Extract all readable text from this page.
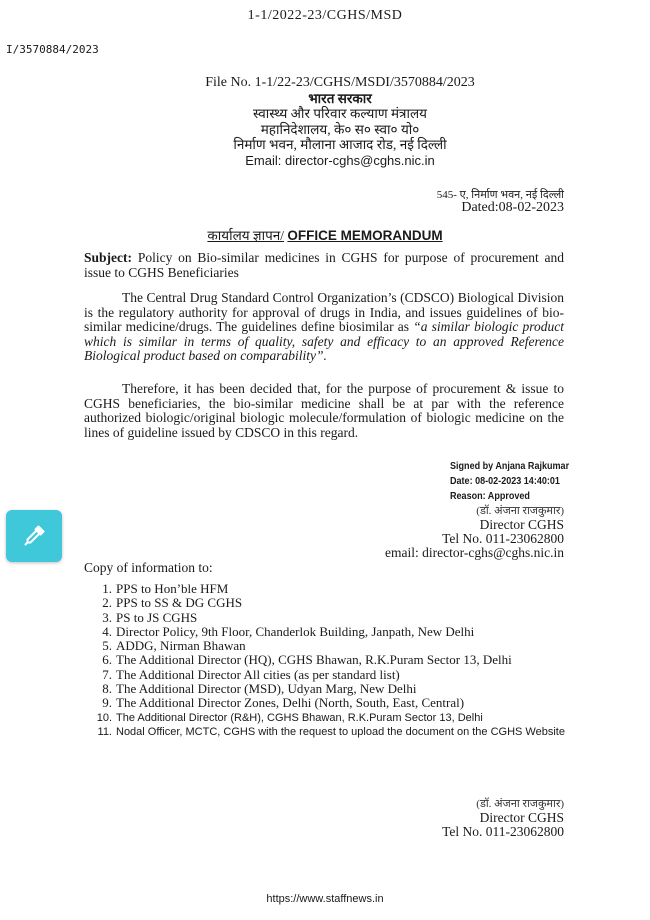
1-1/2022-23/CGHS/MSD
I/3570884/2023
File No. 1-1/22-23/CGHS/MSDI/3570884/2023
भारत सरकार
स्वास्थ्य और परिवार कल्याण मंत्रालय
महानिदेशालय, के० स० स्वा० यो०
निर्माण भवन, मौलाना आजाद रोड, नई दिल्ली
Email: director-cghs@cghs.nic.in
545- ए, निर्माण भवन, नई दिल्ली
Dated:08-02-2023
कार्यालय ज्ञापन/ OFFICE MEMORANDUM
Subject: Policy on Bio-similar medicines in CGHS for purpose of procurement and issue to CGHS Beneficiaries
The Central Drug Standard Control Organization’s (CDSCO) Biological Division is the regulatory authority for approval of drugs in India, and issues guidelines of bio-similar medicine/drugs. The guidelines define biosimilar as “a similar biologic product which is similar in terms of quality, safety and efficacy to an approved Reference Biological product based on comparability”.
Therefore, it has been decided that, for the purpose of procurement & issue to CGHS beneficiaries, the bio-similar medicine shall be at par with the reference authorized biologic/original biologic molecule/formulation of biologic medicine on the lines of guideline issued by CDSCO in this regard.
Signed by Anjana Rajkumar
Date: 08-02-2023 14:40:01
Reason: Approved
(डॉ. अंजना राजकुमार)
Director CGHS
Tel No. 011-23062800
email: director-cghs@cghs.nic.in
Copy of information to:
1. PPS to Hon’ble HFM
2. PPS to SS & DG CGHS
3. PS to JS CGHS
4. Director Policy, 9th Floor, Chanderlok Building, Janpath, New Delhi
5. ADDG, Nirman Bhawan
6. The Additional Director (HQ), CGHS Bhawan, R.K.Puram Sector 13, Delhi
7. The Additional Director All cities (as per standard list)
8. The Additional Director (MSD), Udyan Marg, New Delhi
9. The Additional Director Zones, Delhi (North, South, East, Central)
10. The Additional Director (R&H), CGHS Bhawan, R.K.Puram Sector 13, Delhi
11. Nodal Officer, MCTC, CGHS with the request to upload the document on the CGHS Website
(डॉ. अंजना राजकुमार)
Director CGHS
Tel No. 011-23062800
https://www.staffnews.in
